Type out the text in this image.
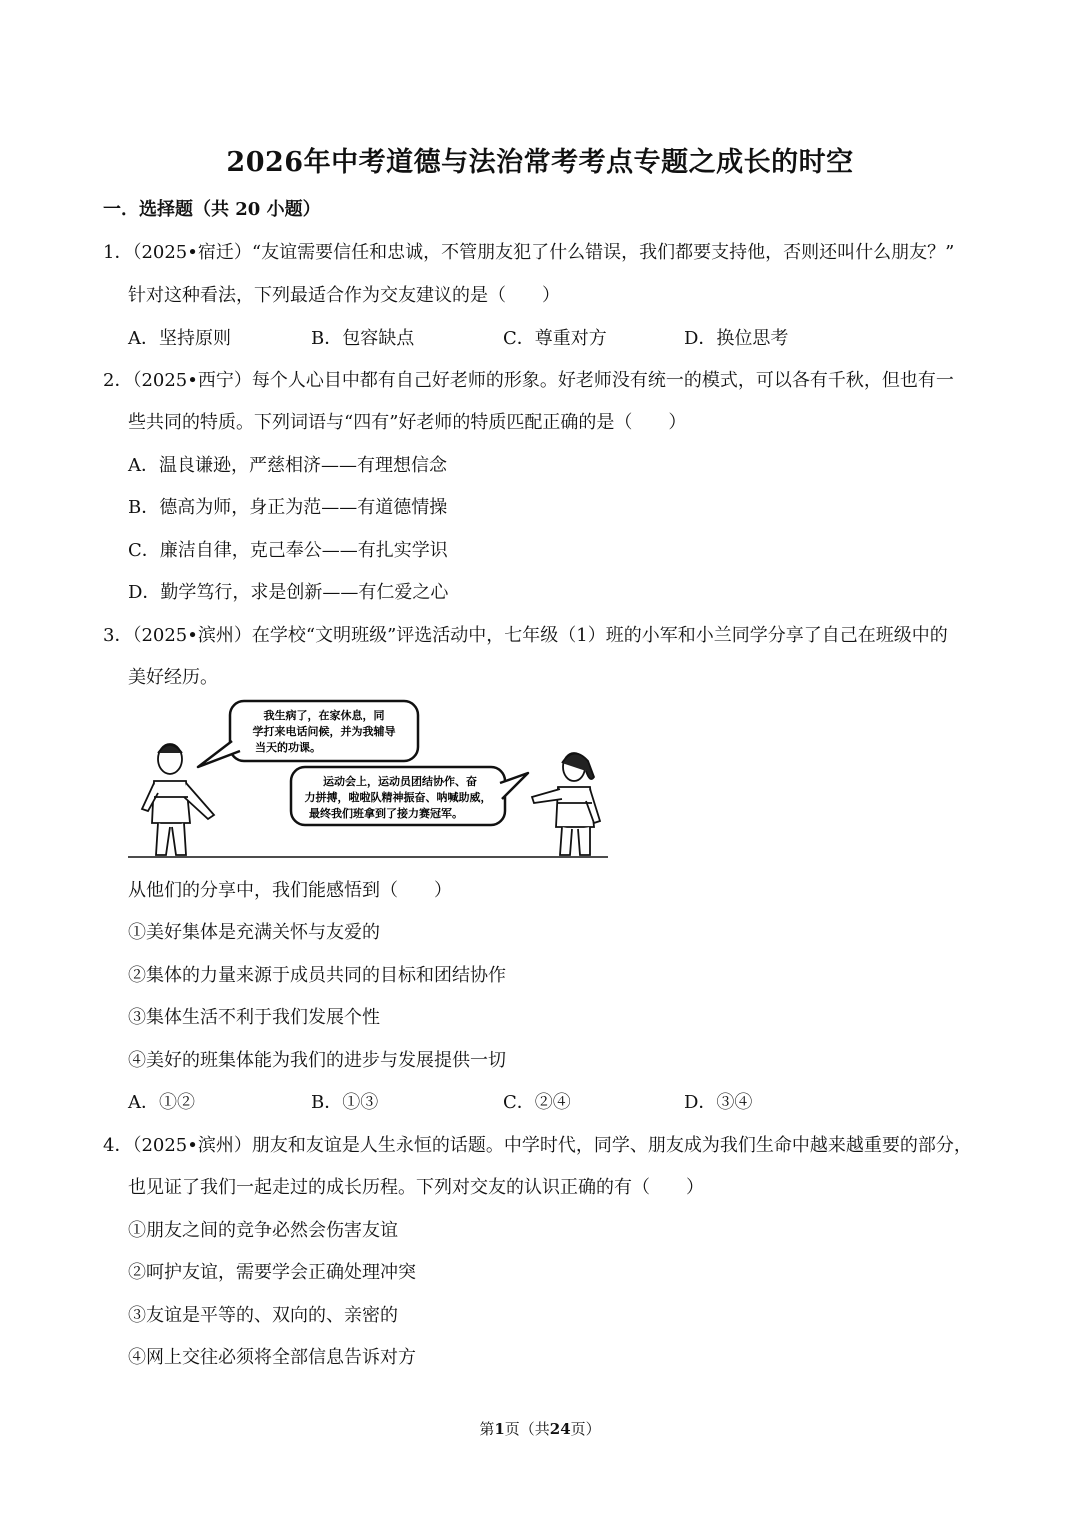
2026年中考道德与法治常考考点专题之成长的时空
一．选择题（共 20 小题）
1．（2025•宿迁）“友谊需要信任和忠诚，不管朋友犯了什么错误，我们都要支持他，否则还叫什么朋友？”
针对这种看法，下列最适合作为交友建议的是（　　）
A．坚持原则	B．包容缺点	C．尊重对方	D．换位思考
2．（2025•西宁）每个人心目中都有自己好老师的形象。好老师没有统一的模式，可以各有千秋，但也有一
些共同的特质。下列词语与“四有”好老师的特质匹配正确的是（　　）
A．温良谦逊，严慈相济——有理想信念
B．德高为师，身正为范——有道德情操
C．廉洁自律，克己奉公——有扎实学识
D．勤学笃行，求是创新——有仁爱之心
3．（2025•滨州）在学校“文明班级”评选活动中，七年级（1）班的小军和小兰同学分享了自己在班级中的
美好经历。
我生病了，在家休息，同
学打来电话问候，并为我辅导
当天的功课。
运动会上，运动员团结协作、奋
力拼搏，啦啦队精神振奋、呐喊助威，
最终我们班拿到了接力赛冠军。
从他们的分享中，我们能感悟到（　　）
①美好集体是充满关怀与友爱的
②集体的力量来源于成员共同的目标和团结协作
③集体生活不利于我们发展个性
④美好的班集体能为我们的进步与发展提供一切
A．①②	B．①③	C．②④	D．③④
4．（2025•滨州）朋友和友谊是人生永恒的话题。中学时代，同学、朋友成为我们生命中越来越重要的部分，
也见证了我们一起走过的成长历程。下列对交友的认识正确的有（　　）
①朋友之间的竞争必然会伤害友谊
②呵护友谊，需要学会正确处理冲突
③友谊是平等的、双向的、亲密的
④网上交往必须将全部信息告诉对方
第1页（共24页）
